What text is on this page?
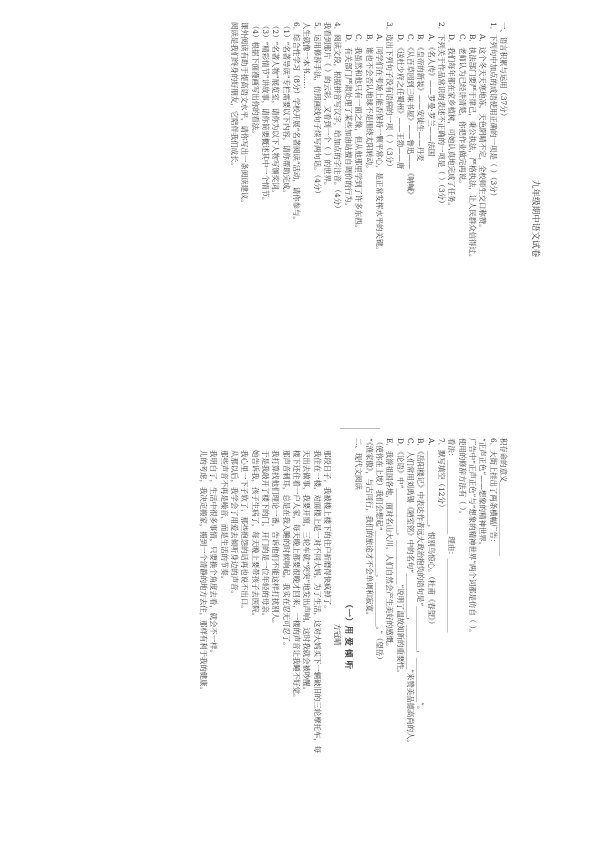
九年级期中语文试卷
一、语言积累与运用（37分）
1．下列句中加点的成语使用正确的一项是（ ）（3分）
A．这个冬天天寒地冻，天色阴晴不定，全校师生交口称赞。
B．执法部门要严于律己，秉公执法，严格执法，让人民群众信得过。
C．老师认为已经讲清楚，你把作业做完再说。
D．我们每年都在家乡植树，可她认真地完成了任务。
2．下列关于作品常识的表述不正确的一项是（ ）（3分）
A．《名人传》——罗曼·罗兰——法国
B．《皇帝的新装》——安徒生——丹麦
C．《从百草园到三味书屋》——鲁迅——《呐喊》
D．《送杜少府之任蜀州》——王勃——唐
3．选出下列句子没有语病的一项（ ）（3分）
A．同学们在考场上能否保持一颗平常心，是正常发挥水平的关键。
B．谁也不会否认地球不是围绕太阳转动。
C．我虽然和他只有一面之缘，但从他那里学到了许多东西。
D．有关部门严肃处理了某些加油站擅自调价的行为。
4．阅读文段，根据拼音写汉字，给加点的字注音。（4分）
我看到那片（ ）的云彩，又看到一个（ ）的世界。
5．运用修辞手法，仿照画线句子续写两句话。（4分）
人生就像一本书……
6．综合性学习（8分）学校开展“名著阅读”活动，请你参与。
（1）“名著导读”专栏需要以下内容，请你帮助完成。
（2）“名著人物”展览室，请你为以下人物写颁奖词。
（3）“精彩情节”讲故事，请你简要概述其中一个情节。
（4）根据下面漫画写出你的看法。
课外阅读有助于提高语文水平，请你写出一条阅读建议。
阅读是我们终身的好朋友，它陪伴我们成长。
积存命的意义____________________
6．大街上挂出了两条横幅广告：
“正声正色”——想象的精神世界。
广告中“正声正色”与“想象的精神世界”两个词都是仿自（ ）。
使用的修辞方法有（ ）。
看法：____________________ 理由：____________________
7．默写填空（12分）
A．____________________，恨别鸟惊心。（杜甫《春望》）
B．《岳阳楼记》中表达作者远大政治抱负的语句是“____________，____________”。
C．人们常用刘禹锡《陋室铭》中的名句“____________，____________”来赞美品德高尚的人。
D．《论语》中“____________，____________”说明了温故知新的重要性。
E．我游祖国各地，面对名山大川，人们自然会产生美好的感慨。
（使你在上坡）我们会想起“____________，____________。”（望岳）
“《渔家傲》，与古同行，我们的旅途才不会单调和寂寞。
二、现代文阅读
（一）用 爱 倾 听
方冠晴
那段日子，我被楼上楼下的住户折磨得快疯掉了。
我住在一楼，对面楼上是一对不同大妈，为了生活，这对大妈买下一辆破旧的三轮摩托车，每
天出去做事，我要开窗，三轮车就“突突”地发出声响，这时我就会被吵醒。
楼下还住着一户人家，每天晚上都要很晚才回来，一楼的声音让我睡不好觉。
那声音刺耳，总是在我入睡的时候响起，我实在忍无可忍了。
我打算找他们理论一番，告诉他们不能这样打扰别人。
于是我敲开了楼下的门，开门的是一位年轻的母亲。
她告诉我，孩子生病了，每天晚上要带孩子去医院。
我心里一下子软了，那些抱怨的话再也说不出口。
从那以后，我学会了用爱去倾听身边的声音。
那些声音不再是噪音，而是生活的节奏。
我明白了，生活中很多事情，只要换个角度去看，就会不一样。
儿的考虑，我决定搬家，搬到一个清静的地方去住，那样有利于我的健康。
